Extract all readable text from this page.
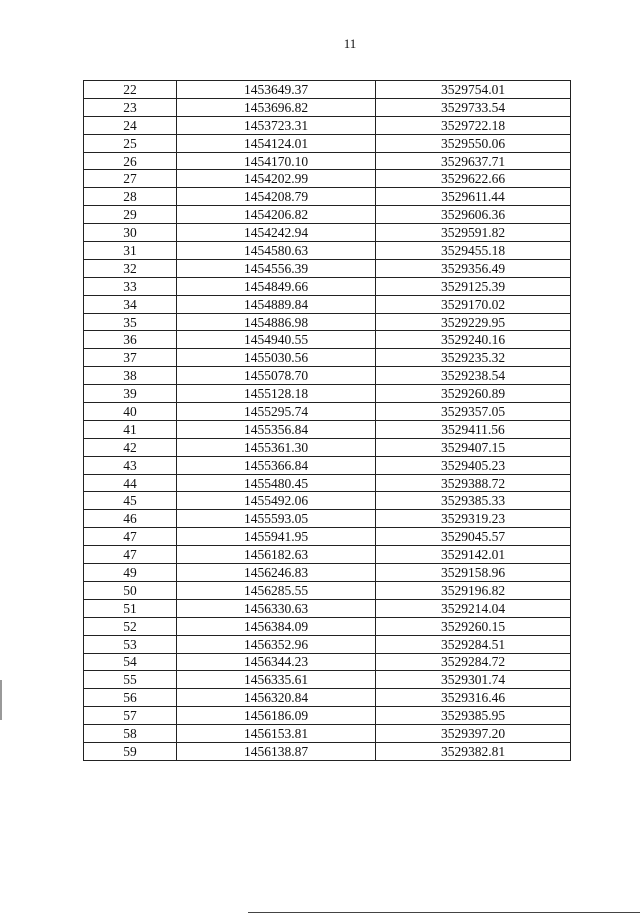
11
22	1453649.37	3529754.01
23	1453696.82	3529733.54
24	1453723.31	3529722.18
25	1454124.01	3529550.06
26	1454170.10	3529637.71
27	1454202.99	3529622.66
28	1454208.79	3529611.44
29	1454206.82	3529606.36
30	1454242.94	3529591.82
31	1454580.63	3529455.18
32	1454556.39	3529356.49
33	1454849.66	3529125.39
34	1454889.84	3529170.02
35	1454886.98	3529229.95
36	1454940.55	3529240.16
37	1455030.56	3529235.32
38	1455078.70	3529238.54
39	1455128.18	3529260.89
40	1455295.74	3529357.05
41	1455356.84	3529411.56
42	1455361.30	3529407.15
43	1455366.84	3529405.23
44	1455480.45	3529388.72
45	1455492.06	3529385.33
46	1455593.05	3529319.23
47	1455941.95	3529045.57
47	1456182.63	3529142.01
49	1456246.83	3529158.96
50	1456285.55	3529196.82
51	1456330.63	3529214.04
52	1456384.09	3529260.15
53	1456352.96	3529284.51
54	1456344.23	3529284.72
55	1456335.61	3529301.74
56	1456320.84	3529316.46
57	1456186.09	3529385.95
58	1456153.81	3529397.20
59	1456138.87	3529382.81
